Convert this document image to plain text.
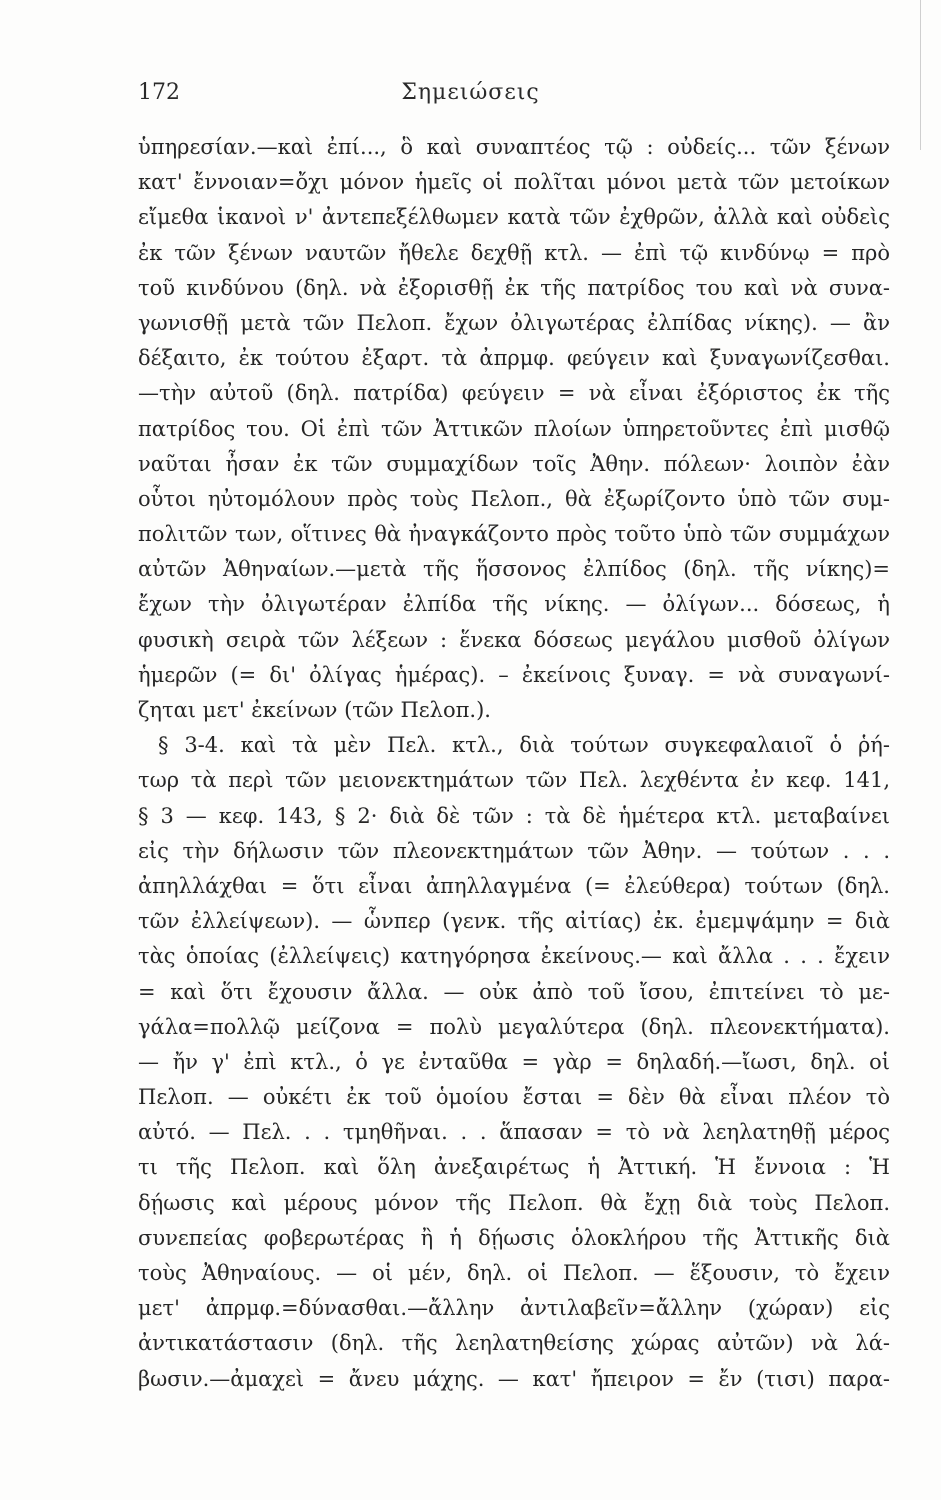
172	Σημειώσεις
ὑπηρεσίαν.—καὶ ἐπί..., ὃ καὶ συναπτέος τῷ : οὐδείς... τῶν ξένων
κατ' ἔννοιαν=ὄχι μόνον ἡμεῖς οἱ πολῖται μόνοι μετὰ τῶν μετοίκων
εἴμεθα ἱκανοὶ ν' ἀντεπεξέλθωμεν κατὰ τῶν ἐχθρῶν, ἀλλὰ καὶ οὐδεὶς
ἐκ τῶν ξένων ναυτῶν ἤθελε δεχθῇ κτλ. — ἐπὶ τῷ κινδύνῳ = πρὸ
τοῦ κινδύνου (δηλ. νὰ ἐξορισθῇ ἐκ τῆς πατρίδος του καὶ νὰ συνα-
γωνισθῇ μετὰ τῶν Πελοπ. ἔχων ὀλιγωτέρας ἐλπίδας νίκης). — ἂν
δέξαιτο, ἐκ τούτου ἐξαρτ. τὰ ἀπρμφ. φεύγειν καὶ ξυναγωνίζεσθαι.
—τὴν αὐτοῦ (δηλ. πατρίδα) φεύγειν = νὰ εἶναι ἐξόριστος ἐκ τῆς
πατρίδος του. Οἱ ἐπὶ τῶν Ἀττικῶν πλοίων ὑπηρετοῦντες ἐπὶ μισθῷ
ναῦται ἦσαν ἐκ τῶν συμμαχίδων τοῖς Ἀθην. πόλεων· λοιπὸν ἐὰν
οὗτοι ηὐτομόλουν πρὸς τοὺς Πελοπ., θὰ ἐξωρίζοντο ὑπὸ τῶν συμ-
πολιτῶν των, οἵτινες θὰ ἠναγκάζοντο πρὸς τοῦτο ὑπὸ τῶν συμμάχων
αὐτῶν Ἀθηναίων.—μετὰ τῆς ἥσσονος ἐλπίδος (δηλ. τῆς νίκης)=
ἔχων τὴν ὀλιγωτέραν ἐλπίδα τῆς νίκης. — ὀλίγων... δόσεως, ἡ
φυσικὴ σειρὰ τῶν λέξεων : ἕνεκα δόσεως μεγάλου μισθοῦ ὀλίγων
ἡμερῶν (= δι' ὀλίγας ἡμέρας). – ἐκείνοις ξυναγ. = νὰ συναγωνί-
ζηται μετ' ἐκείνων (τῶν Πελοπ.).
§ 3-4. καὶ τὰ μὲν Πελ. κτλ., διὰ τούτων συγκεφαλαιοῖ ὁ ῥή-
τωρ τὰ περὶ τῶν μειονεκτημάτων τῶν Πελ. λεχθέντα ἐν κεφ. 141,
§ 3 — κεφ. 143, § 2· διὰ δὲ τῶν : τὰ δὲ ἡμέτερα κτλ. μεταβαίνει
εἰς τὴν δήλωσιν τῶν πλεονεκτημάτων τῶν Ἀθην. — τούτων . . .
ἀπηλλάχθαι = ὅτι εἶναι ἀπηλλαγμένα (= ἐλεύθερα) τούτων (δηλ.
τῶν ἐλλείψεων). — ὧνπερ (γενκ. τῆς αἰτίας) ἐκ. ἐμεμψάμην = διὰ
τὰς ὁποίας (ἐλλείψεις) κατηγόρησα ἐκείνους.— καὶ ἄλλα . . . ἔχειν
= καὶ ὅτι ἔχουσιν ἄλλα. — οὐκ ἀπὸ τοῦ ἴσου, ἐπιτείνει τὸ με-
γάλα=πολλῷ μείζονα = πολὺ μεγαλύτερα (δηλ. πλεονεκτήματα).
— ἤν γ' ἐπὶ κτλ., ὁ γε ἐνταῦθα = γὰρ = δηλαδή.—ἴωσι, δηλ. οἱ
Πελοπ. — οὐκέτι ἐκ τοῦ ὁμοίου ἔσται = δὲν θὰ εἶναι πλέον τὸ
αὐτό. — Πελ. . . τμηθῆναι. . . ἅπασαν = τὸ νὰ λεηλατηθῇ μέρος
τι τῆς Πελοπ. καὶ ὅλη ἀνεξαιρέτως ἡ Ἀττική. Ἡ ἔννοια : Ἡ
δῄωσις καὶ μέρους μόνον τῆς Πελοπ. θὰ ἔχῃ διὰ τοὺς Πελοπ.
συνεπείας φοβερωτέρας ἢ ἡ δῄωσις ὁλοκλήρου τῆς Ἀττικῆς διὰ
τοὺς Ἀθηναίους. — οἱ μέν, δηλ. οἱ Πελοπ. — ἕξουσιν, τὸ ἔχειν
μετ' ἀπρμφ.=δύνασθαι.—ἄλλην ἀντιλαβεῖν=ἄλλην (χώραν) εἰς
ἀντικατάστασιν (δηλ. τῆς λεηλατηθείσης χώρας αὐτῶν) νὰ λά-
βωσιν.—ἀμαχεὶ = ἄνευ μάχης. — κατ' ἤπειρον = ἔν (τισι) παρα-
